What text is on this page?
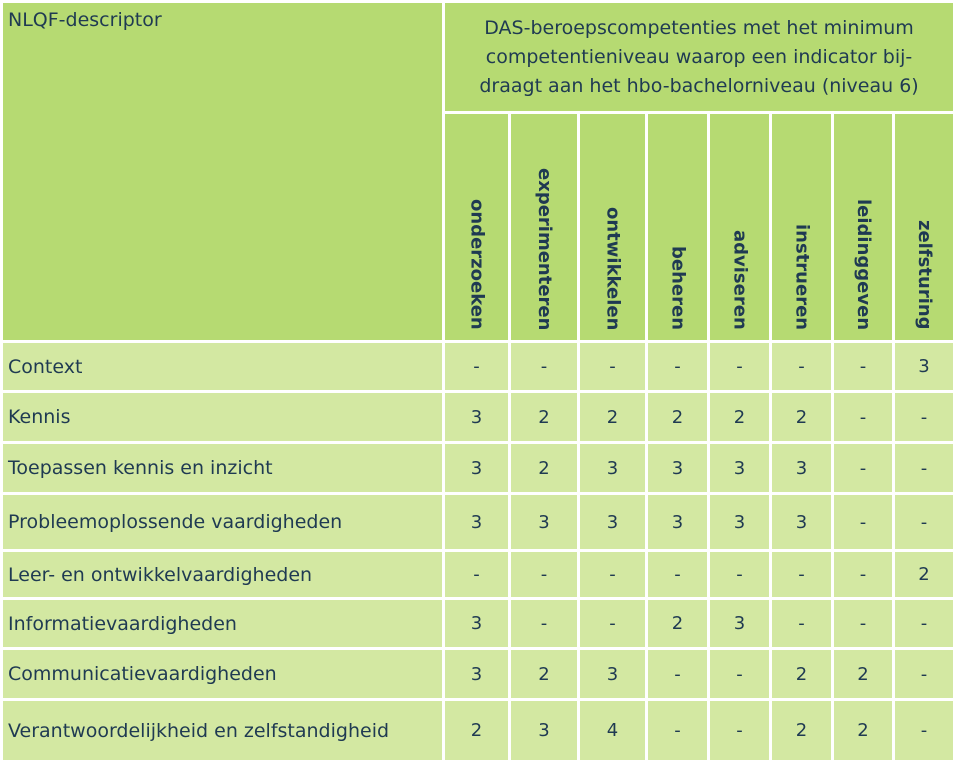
NLQF-descriptor	DAS-beroepscompetenties met het minimum competentieniveau waarop een indicator bij-draagt aan het hbo-bachelorniveau (niveau 6)							
	onderzoeken	experimenteren	ontwikkelen	beheren	adviseren	instrueren	leidinggeven	zelfsturing
Context	-	-	-	-	-	-	-	3
Kennis	3	2	2	2	2	2	-	-
Toepassen kennis en inzicht	3	2	3	3	3	3	-	-
Probleemoplossende vaardigheden	3	3	3	3	3	3	-	-
Leer- en ontwikkelvaardigheden	-	-	-	-	-	-	-	2
Informatievaardigheden	3	-	-	2	3	-	-	-
Communicatievaardigheden	3	2	3	-	-	2	2	-
Verantwoordelijkheid en zelfstandigheid	2	3	4	-	-	2	2	-
